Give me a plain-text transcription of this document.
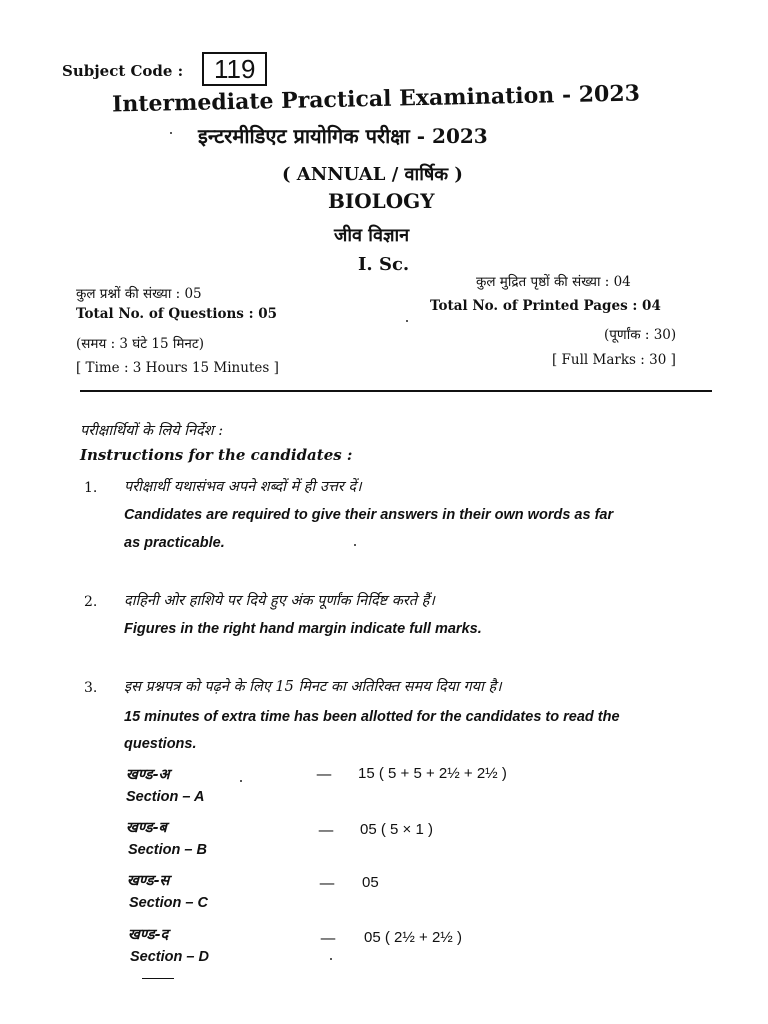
Subject Code :	119
Intermediate Practical Examination - 2023
इन्टरमीडिएट प्रायोगिक परीक्षा - 2023
( ANNUAL / वार्षिक )
BIOLOGY
जीव विज्ञान
I. Sc.
कुल प्रश्नों की संख्या : 05
Total No. of Questions : 05
(समय : 3 घंटे 15 मिनट)
[ Time : 3 Hours 15 Minutes ]
कुल मुद्रित पृष्ठों की संख्या : 04
Total No. of Printed Pages : 04
(पूर्णांक : 30)
[ Full Marks : 30 ]
परीक्षार्थियों के लिये निर्देश :
Instructions for the candidates :
1. परीक्षार्थी यथासंभव अपने शब्दों में ही उत्तर दें।
Candidates are required to give their answers in their own words as far
as practicable.
2. दाहिनी ओर हाशिये पर दिये हुए अंक पूर्णांक निर्दिष्ट करते हैं।
Figures in the right hand margin indicate full marks.
3. इस प्रश्नपत्र को पढ़ने के लिए 15 मिनट का अतिरिक्त समय दिया गया है।
15 minutes of extra time has been allotted for the candidates to read the
questions.
खण्ड-अ
Section – A
— 15 ( 5 + 5 + 2½ + 2½ )
खण्ड-ब
Section – B
— 05 ( 5 × 1 )
खण्ड-स
Section – C
— 05
खण्ड-द
Section – D
— 05 ( 2½ + 2½ )
